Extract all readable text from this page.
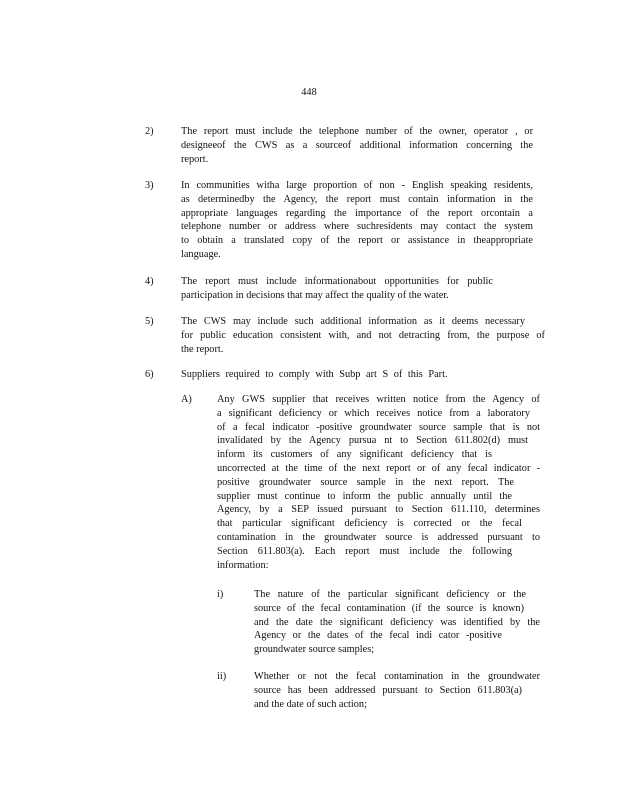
448
2)	The report must include the telephone number of the owner, operator , or
designeeof the CWS as a sourceof additional information concerning the
report.
3)	In communities witha large proportion of non - English speaking residents,
as determinedby the Agency, the report must contain information in the
appropriate languages regarding the importance of the report orcontain a
telephone number or address where suchresidents may contact the system
to obtain a translated copy of the report or assistance in theappropriate
language.
4)	The report must include informationabout opportunities for public
participation in decisions that may affect the quality of the water.
5)	The CWS may include such additional information as it deems necessary
for public education consistent with, and not detracting from, the purpose of
the report.
6)	Suppliers required to comply with Subp art S of this Part.
A) Any GWS supplier that receives written notice from the Agency of
a significant deficiency or which receives notice from a laboratory
of a fecal indicator -positive groundwater source sample that is not
invalidated by the Agency pursua nt to Section 611.802(d) must
inform its customers of any significant deficiency that is
uncorrected at the time of the next report or of any fecal indicator -
positive groundwater source sample in the next report. The
supplier must continue to inform the public annually until the
Agency, by a SEP issued pursuant to Section 611.110, determines
that particular significant deficiency is corrected or the fecal
contamination in the groundwater source is addressed pursuant to
Section 611.803(a). Each report must include the following
information:
i)	The nature of the particular significant deficiency or the
source of the fecal contamination (if the source is known)
and the date the significant deficiency was identified by the
Agency or the dates of the fecal indi cator -positive
groundwater source samples;
ii)	Whether or not the fecal contamination in the groundwater
source has been addressed pursuant to Section 611.803(a)
and the date of such action;
